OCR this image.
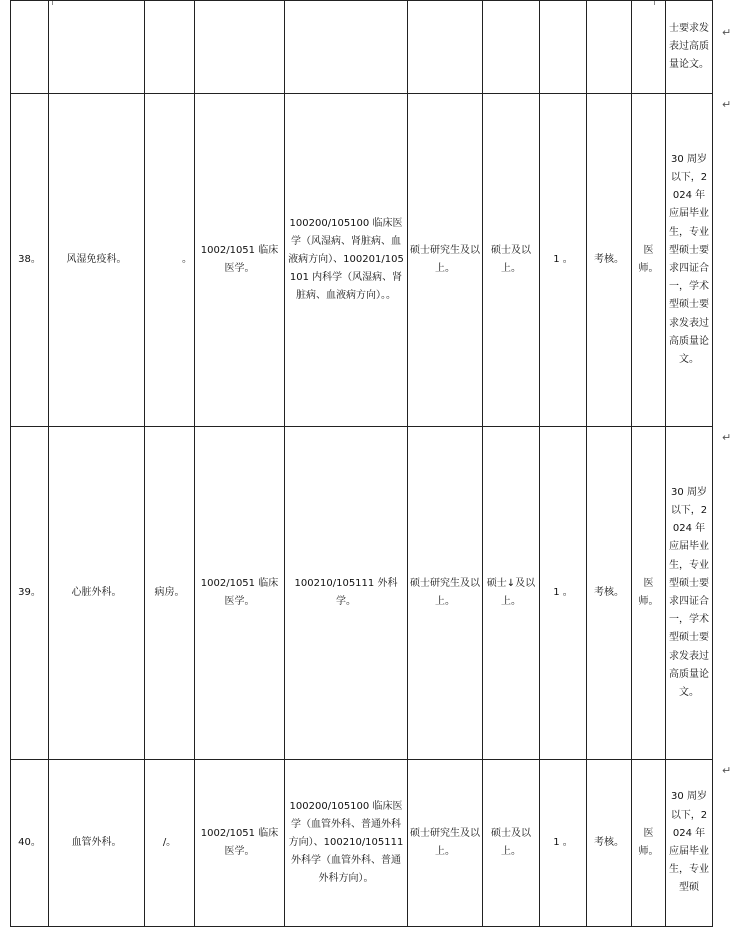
										士要求发表过高质量论文。
38。	风湿免疫科。	。	1002/1051 临床医学。	100200/105100 临床医学（风湿病、肾脏病、血液病方向）、100201/105101 内科学（风湿病、肾脏病、血液病方向）。。	硕士研究生及以上。	硕士及以上。	1 。	考核。	医师。	30 周岁以下，2024 年应届毕业生，专业型硕士要求四证合一，学术型硕士要求发表过高质量论文。
39。	心脏外科。	病房。	1002/1051 临床医学。	100210/105111 外科学。	硕士研究生及以上。	硕士↓及以上。	1 。	考核。	医师。	30 周岁以下，2024 年应届毕业生，专业型硕士要求四证合一，学术型硕士要求发表过高质量论文。
40。	血管外科。	/。	1002/1051 临床医学。	100200/105100 临床医学（血管外科、普通外科方向）、100210/105111 外科学（血管外科、普通外科方向）。	硕士研究生及以上。	硕士及以上。	1 。	考核。	医师。	30 周岁以下，2024 年应届毕业生，专业型硕
↵
↵
↵
↵
